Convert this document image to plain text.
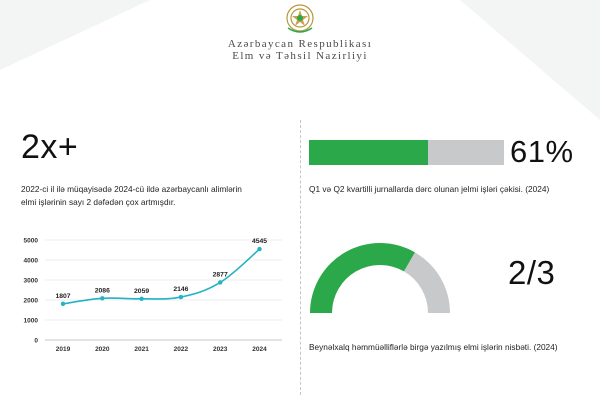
Azərbaycan Respublikası
Elm və Təhsil Nazirliyi
2x+
2022-ci il ilə müqayisədə 2024-cü ildə azərbaycanlı alimlərin
elmi işlərinin sayı 2 dəfədən çox artmışdır.
0
1000
2000
3000
4000
5000
2019	2020	2021	2022	2023	2024
1807
2086	2059	2146
2877
4545
61%
Q1 və Q2 kvartilli jurnallarda dərc olunan jelmi işləri çəkisi. (2024)
2/3
Beynəlxalq həmmüəlliflərlə birgə yazılmış elmi işlərin nisbəti. (2024)
